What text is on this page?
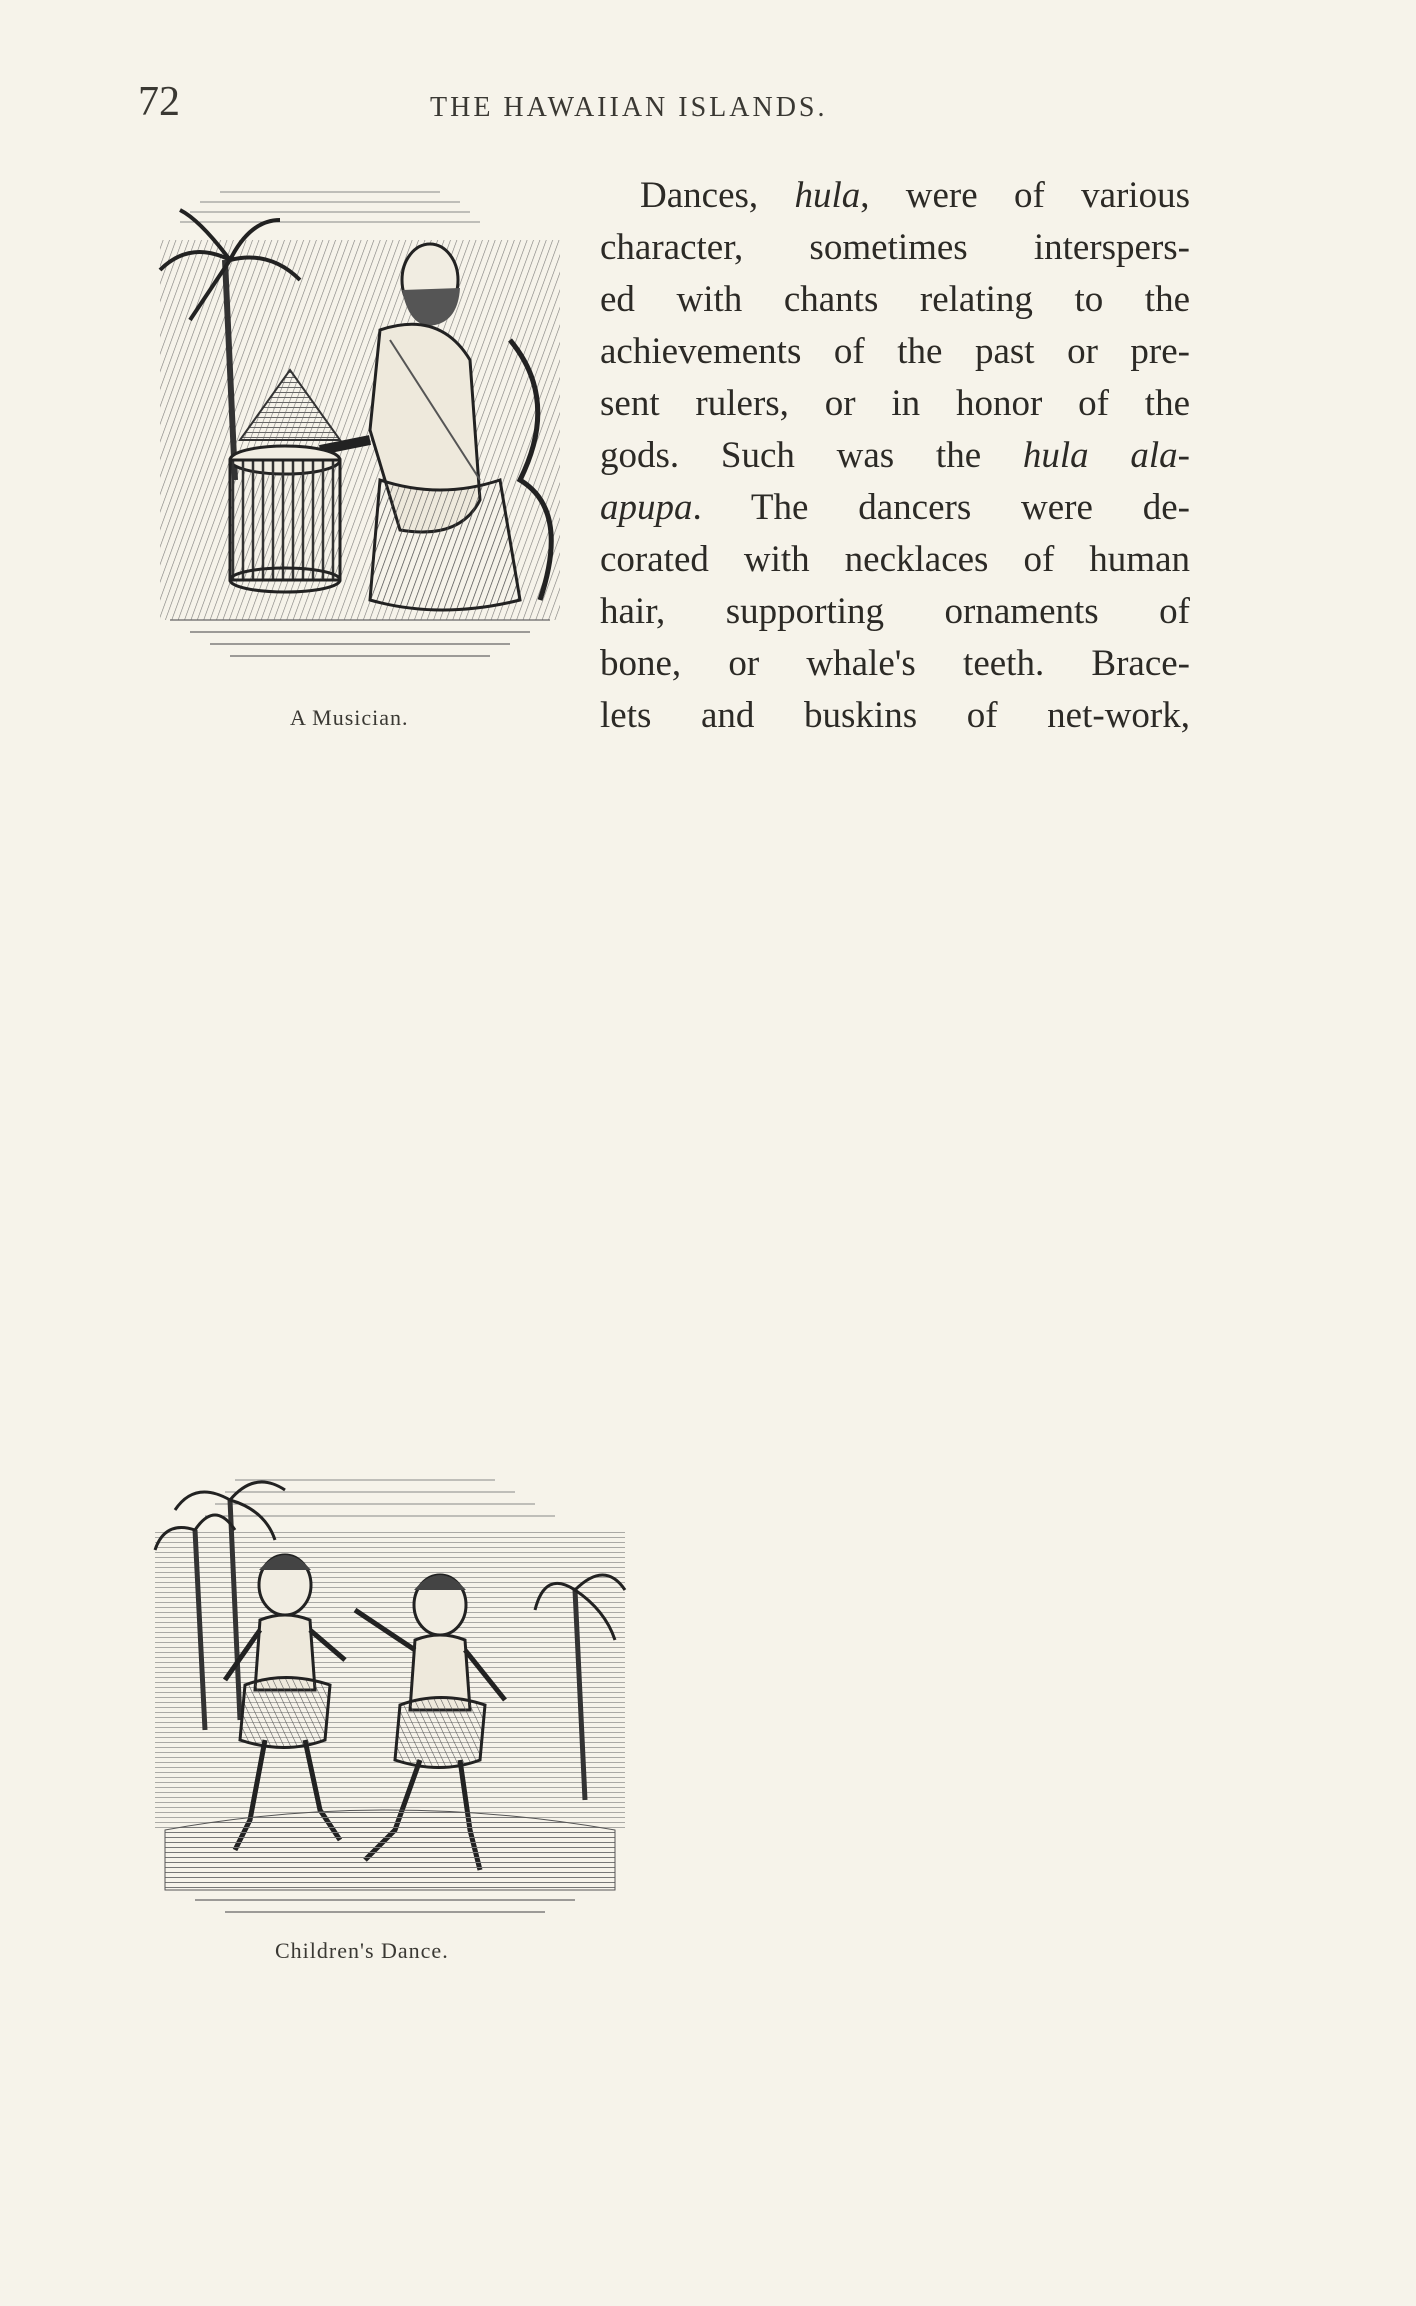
72	THE HAWAIIAN ISLANDS.
A Musician.
Dances, hula, were of various
character, sometimes interspers-
ed with chants relating to the
achievements of the past or pre-
sent rulers, or in honor of the
gods. Such was the hula ala-
apupa. The dancers were de-
corated with necklaces of human
hair, supporting ornaments of
bone, or whale's teeth. Brace-
lets and buskins of net-work,
Children's Dance.
